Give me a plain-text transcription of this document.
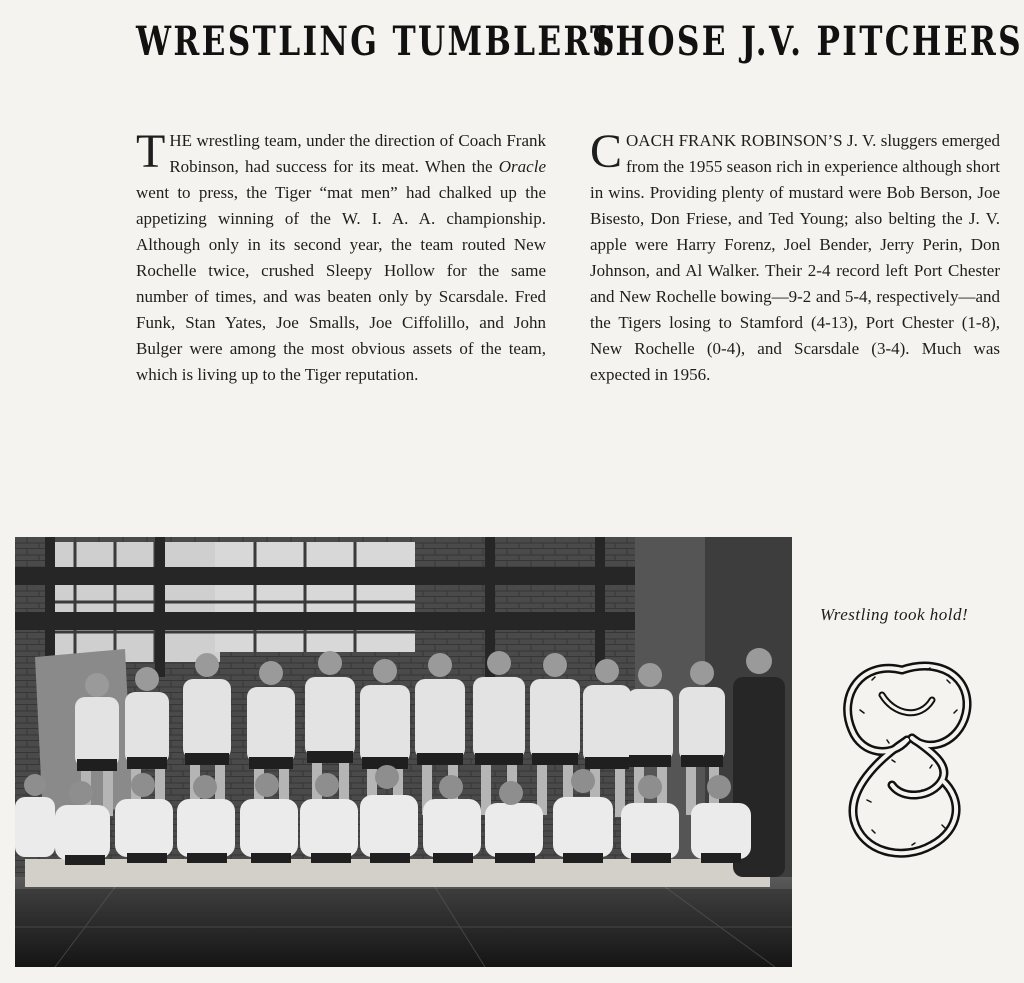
WRESTLING TUMBLERS
THOSE J.V. PITCHERS
THE wrestling team, under the direction of Coach Frank Robinson, had success for its meat. When the Oracle went to press, the Tiger “mat men” had chalked up the appetizing winning of the W. I. A. A. championship. Although only in its second year, the team routed New Rochelle twice, crushed Sleepy Hollow for the same number of times, and was beaten only by Scarsdale. Fred Funk, Stan Yates, Joe Smalls, Joe Ciffolillo, and John Bulger were among the most obvious assets of the team, which is living up to the Tiger reputation.
COACH FRANK ROBINSON’S J. V. sluggers emerged from the 1955 season rich in experience although short in wins. Providing plenty of mustard were Bob Berson, Joe Bisesto, Don Friese, and Ted Young; also belting the J. V. apple were Harry Forenz, Joel Bender, Jerry Perin, Don Johnson, and Al Walker. Their 2-4 record left Port Chester and New Rochelle bowing—9-2 and 5-4, respectively—and the Tigers losing to Stamford (4-13), Port Chester (1-8), New Rochelle (0-4), and Scarsdale (3-4). Much was expected in 1956.
Wrestling took hold!
